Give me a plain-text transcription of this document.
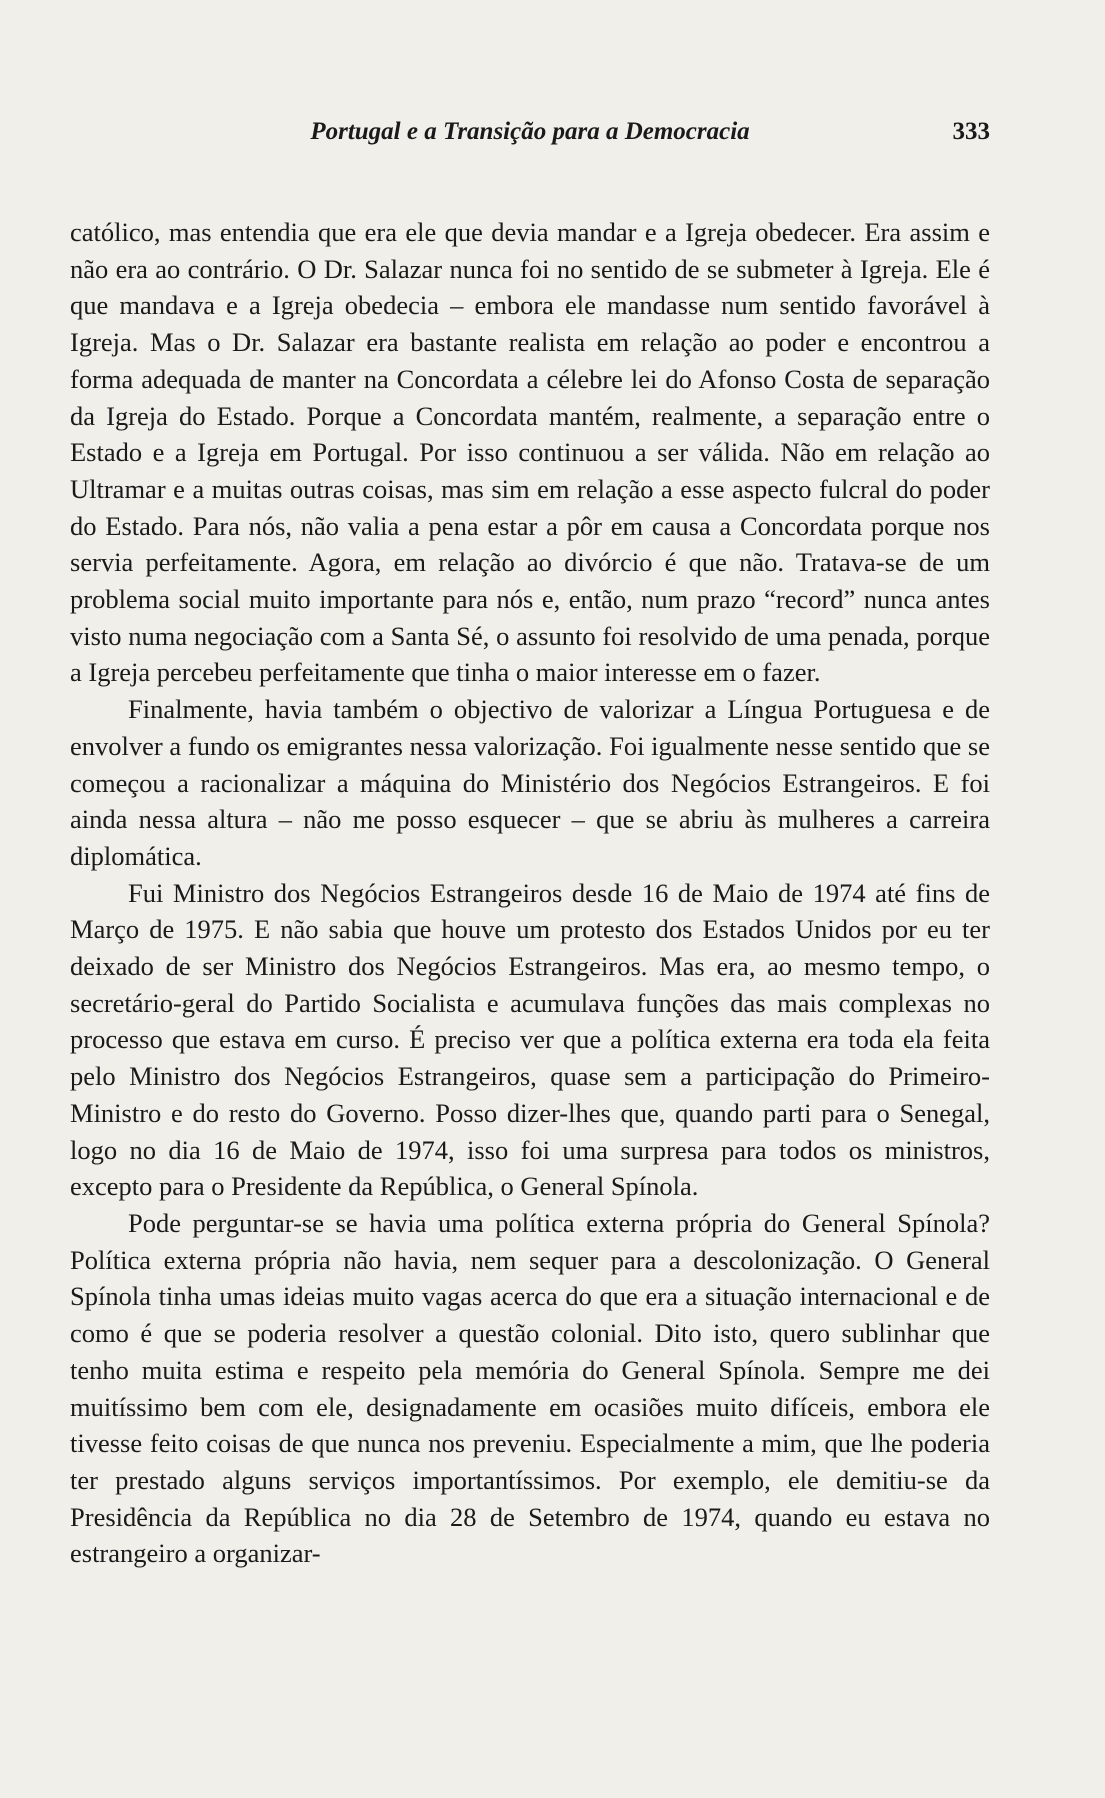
Portugal e a Transição para a Democracia	333

católico, mas entendia que era ele que devia mandar e a Igreja obedecer. Era assim e não era ao contrário. O Dr. Salazar nunca foi no sentido de se submeter à Igreja. Ele é que mandava e a Igreja obedecia – embora ele mandasse num sentido favorável à Igreja. Mas o Dr. Salazar era bastante realista em relação ao poder e encontrou a forma adequada de manter na Concordata a célebre lei do Afonso Costa de separação da Igreja do Estado. Porque a Concordata mantém, realmente, a separação entre o Estado e a Igreja em Portugal. Por isso continuou a ser válida. Não em relação ao Ultramar e a muitas outras coisas, mas sim em relação a esse aspecto fulcral do poder do Estado. Para nós, não valia a pena estar a pôr em causa a Concordata porque nos servia perfeitamente. Agora, em relação ao divórcio é que não. Tratava-se de um problema social muito importante para nós e, então, num prazo “record” nunca antes visto numa negociação com a Santa Sé, o assunto foi resolvido de uma penada, porque a Igreja percebeu perfeitamente que tinha o maior interesse em o fazer.

Finalmente, havia também o objectivo de valorizar a Língua Portuguesa e de envolver a fundo os emigrantes nessa valorização. Foi igualmente nesse sentido que se começou a racionalizar a máquina do Ministério dos Negócios Estrangeiros. E foi ainda nessa altura – não me posso esquecer – que se abriu às mulheres a carreira diplomática.

Fui Ministro dos Negócios Estrangeiros desde 16 de Maio de 1974 até fins de Março de 1975. E não sabia que houve um protesto dos Estados Unidos por eu ter deixado de ser Ministro dos Negócios Estrangeiros. Mas era, ao mesmo tempo, o secretário-geral do Partido Socialista e acumulava funções das mais complexas no processo que estava em curso. É preciso ver que a política externa era toda ela feita pelo Ministro dos Negócios Estrangeiros, quase sem a participação do Primeiro-Ministro e do resto do Governo. Posso dizer-lhes que, quando parti para o Senegal, logo no dia 16 de Maio de 1974, isso foi uma surpresa para todos os ministros, excepto para o Presidente da República, o General Spínola.

Pode perguntar-se se havia uma política externa própria do General Spínola? Política externa própria não havia, nem sequer para a descolonização. O General Spínola tinha umas ideias muito vagas acerca do que era a situação internacional e de como é que se poderia resolver a questão colonial. Dito isto, quero sublinhar que tenho muita estima e respeito pela memória do General Spínola. Sempre me dei muitíssimo bem com ele, designadamente em ocasiões muito difíceis, embora ele tivesse feito coisas de que nunca nos preveniu. Especialmente a mim, que lhe poderia ter prestado alguns serviços importantíssimos. Por exemplo, ele demitiu-se da Presidência da República no dia 28 de Setembro de 1974, quando eu estava no estrangeiro a organizar-
